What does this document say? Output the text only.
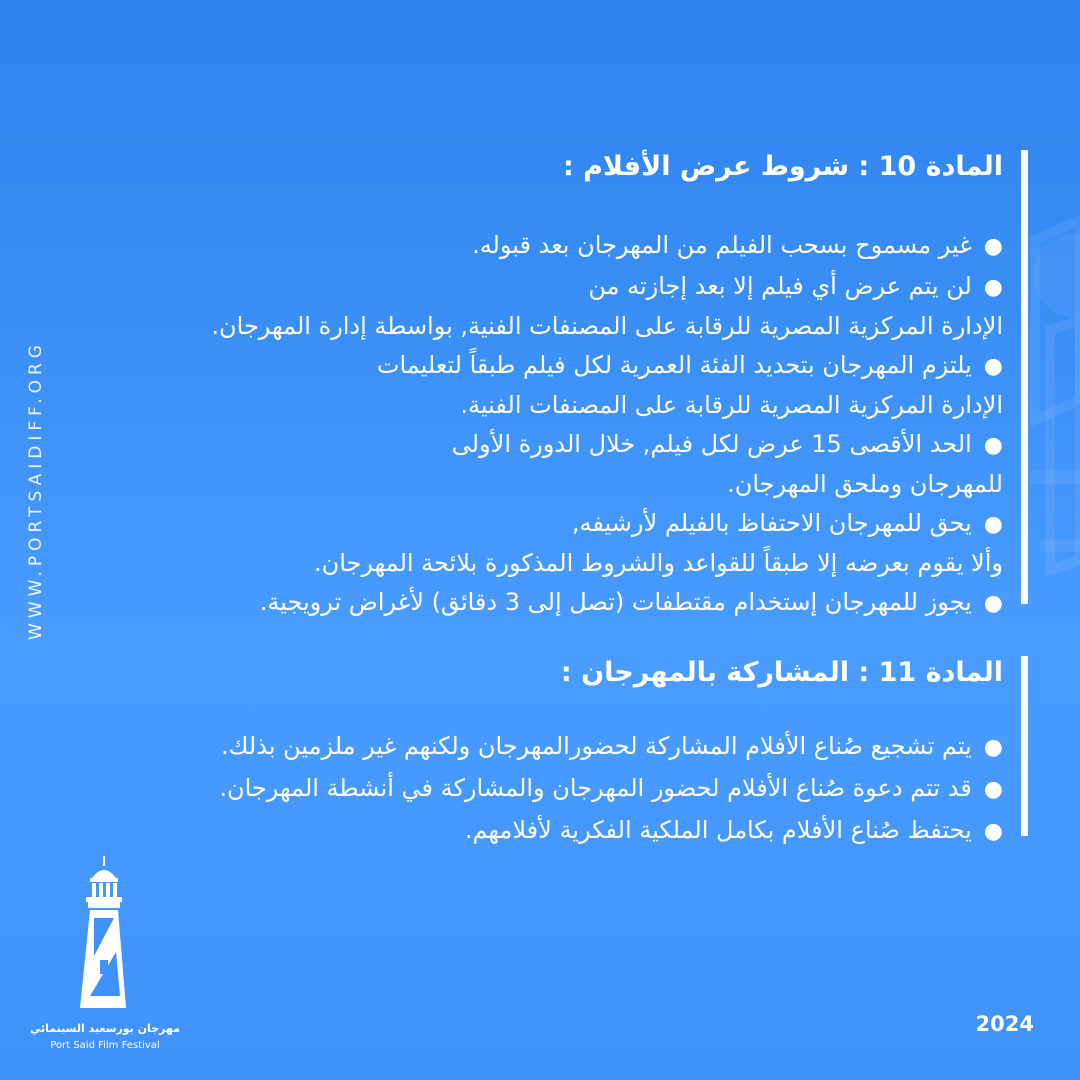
WWW.PORTSAIDIFF.ORG
المادة 10 : شروط عرض الأفلام :
●غير مسموح بسحب الفيلم من المهرجان بعد قبوله.
●لن يتم عرض أي فيلم إلا بعد إجازته من
الإدارة المركزية المصرية للرقابة على المصنفات الفنية, بواسطة إدارة المهرجان.
●يلتزم المهرجان بتحديد الفئة العمرية لكل فيلم طبقاً لتعليمات
الإدارة المركزية المصرية للرقابة على المصنفات الفنية.
●الحد الأقصى 15 عرض لكل فيلم, خلال الدورة الأولى
للمهرجان وملحق المهرجان.
●يحق للمهرجان الاحتفاظ بالفيلم لأرشيفه,
وألا يقوم بعرضه إلا طبقاً للقواعد والشروط المذكورة بلائحة المهرجان.
●يجوز للمهرجان إستخدام مقتطفات (تصل إلى 3 دقائق) لأغراض ترويجية.
المادة 11 : المشاركة بالمهرجان :
●يتم تشجيع صُناع الأفلام المشاركة لحضورالمهرجان ولكنهم غير ملزمين بذلك.
●قد تتم دعوة صُناع الأفلام لحضور المهرجان والمشاركة في أنشطة المهرجان.
●يحتفظ صُناع الأفلام بكامل الملكية الفكرية لأفلامهم.
مهرجان بورسعيد السينمائي
Port Said Film Festival
2024
